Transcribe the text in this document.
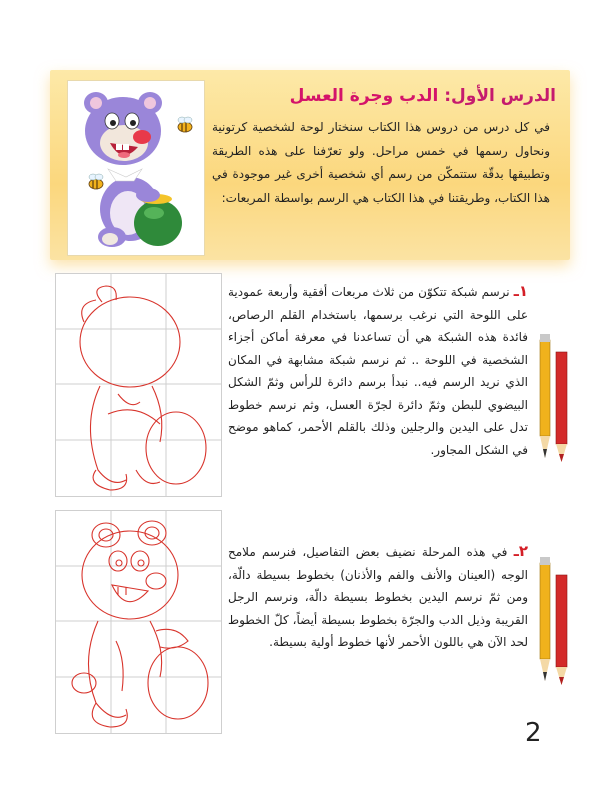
الدرس الأول: الدب وجرة العسل

في كل درس من دروس هذا الكتاب سنختار لوحة لشخصية كرتونية ونحاول رسمها في خمس مراحل. ولو تعرّفنا على هذه الطريقة وتطبيقها بدقّة ستتمكّن من رسم أي شخصية أخرى غير موجودة في هذا الكتاب، وطريقتنا في هذا الكتاب هي الرسم بواسطة المربعات:

١ـ نرسم شبكة تتكوّن من ثلاث مربعات أفقية وأربعة عمودية على اللوحة التي نرغب برسمها، باستخدام القلم الرصاص، فائدة هذه الشبكة هي أن تساعدنا في معرفة أماكن أجزاء الشخصية في اللوحة .. ثم نرسم شبكة مشابهة في المكان الذي نريد الرسم فيه.. نبدأ برسم دائرة للرأس وثمّ الشكل البيضوي للبطن وثمّ دائرة لجرّة العسل، وثم نرسم خطوط تدل على اليدين والرجلين وذلك بالقلم الأحمر، كماهو موضح في الشكل المجاور.

٢ـ في هذه المرحلة نضيف بعض التفاصيل، فنرسم ملامح الوجه (العينان والأنف والفم والأذنان) بخطوط بسيطة دالّة، ومن ثمّ نرسم اليدين بخطوط بسيطة دالّة، ونرسم الرجل القريبة وذيل الدب والجرّة بخطوط بسيطة أيضاً، كلّ الخطوط لحد الآن هي باللون الأحمر لأنها خطوط أولية بسيطة.

2
